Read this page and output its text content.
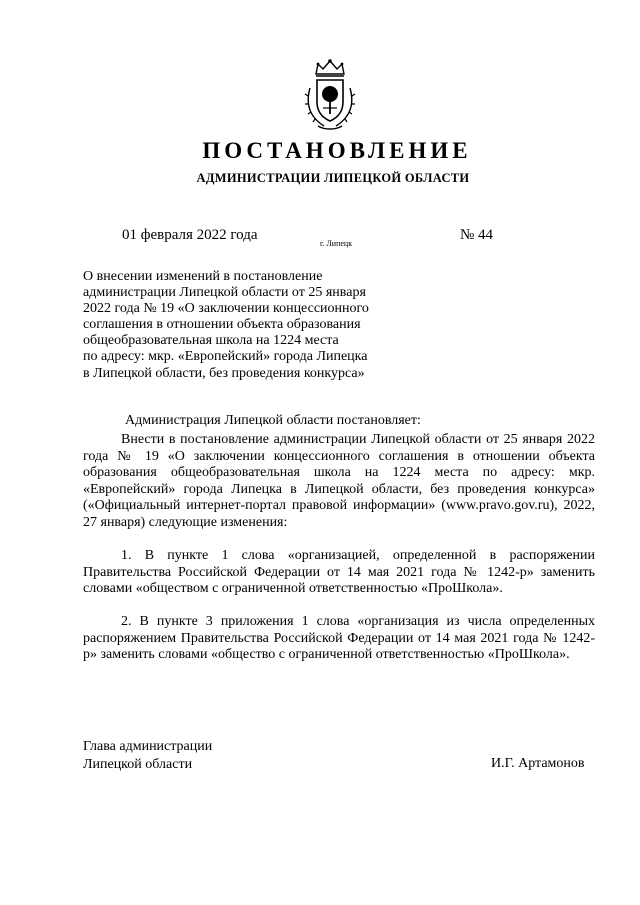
ПОСТАНОВЛЕНИЕ
АДМИНИСТРАЦИИ ЛИПЕЦКОЙ ОБЛАСТИ
01 февраля 2022 года
г. Липецк
№ 44
О внесении изменений в постановление
администрации Липецкой области от 25 января
2022 года № 19 «О заключении концессионного
соглашения в отношении объекта образования
общеобразовательная школа на 1224 места
по адресу: мкр. «Европейский» города Липецка
в Липецкой области, без проведения конкурса»
Администрация Липецкой области постановляет:
Внести в постановление администрации Липецкой области от 25 января 2022 года № 19 «О заключении концессионного соглашения в отношении объекта образования общеобразовательная школа на 1224 места по адресу: мкр. «Европейский» города Липецка в Липецкой области, без проведения конкурса» («Официальный интернет-портал правовой информации» (www.pravo.gov.ru), 2022, 27 января) следующие изменения:
1. В пункте 1 слова «организацией, определенной в распоряжении Правительства Российской Федерации от 14 мая 2021 года № 1242-р» заменить словами «обществом с ограниченной ответственностью «ПроШкола».
2. В пункте 3 приложения 1 слова «организация из числа определенных распоряжением Правительства Российской Федерации от 14 мая 2021 года № 1242-р» заменить словами «общество с ограниченной ответственностью «ПроШкола».
Глава администрации
Липецкой области	И.Г. Артамонов
